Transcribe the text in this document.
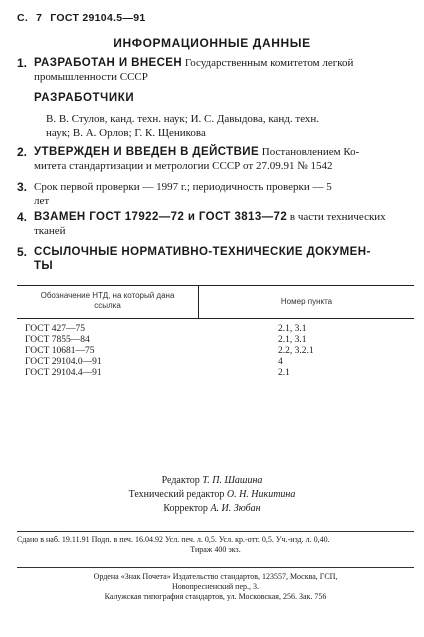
С. 7 ГОСТ 29104.5—91
ИНФОРМАЦИОННЫЕ ДАННЫЕ
1. РАЗРАБОТАН И ВНЕСЕН Государственным комитетом легкой
промышленности СССР
РАЗРАБОТЧИКИ
В. В. Стулов, канд. техн. наук; И. С. Давыдова, канд. техн.
наук; В. А. Орлов; Г. К. Щеникова
2. УТВЕРЖДЕН И ВВЕДЕН В ДЕЙСТВИЕ Постановлением Ко-
митета стандартизации и метрологии СССР от 27.09.91 № 1542
3. Срок первой проверки — 1997 г.; периодичность проверки — 5
лет
4. ВЗАМЕН ГОСТ 17922—72 и ГОСТ 3813—72 в части технических
тканей
5. ССЫЛОЧНЫЕ НОРМАТИВНО-ТЕХНИЧЕСКИЕ ДОКУМЕН-
ТЫ
Обозначение НТД, на который дана
ссылка	Номер пункта
ГОСТ 427—75	2.1, 3.1
ГОСТ 7855—84	2.1, 3.1
ГОСТ 10681—75	2.2, 3.2.1
ГОСТ 29104.0—91	4
ГОСТ 29104.4—91	2.1
Редактор Т. П. Шашина
Технический редактор О. Н. Никитина
Корректор А. И. Зюбан
Сдано в наб. 19.11.91 Подп. в печ. 16.04.92 Усл. печ. л. 0,5. Усл. кр.-отт. 0,5. Уч.-изд. л. 0,40.

Тираж 400 экз.
Ордена «Знак Почета» Издательство стандартов, 123557, Москва, ГСП,
Новопресненский пер., 3.
Калужская типография стандартов, ул. Московская, 256. Зак. 756
